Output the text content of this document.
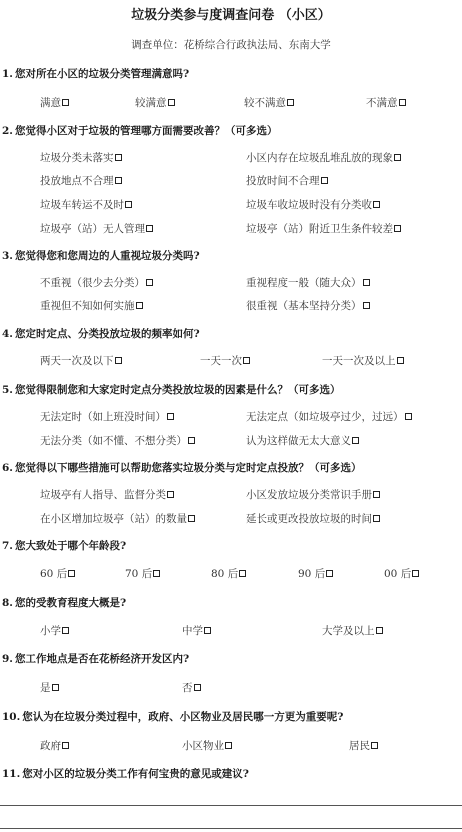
垃圾分类参与度调查问卷 （小区）
调查单位：花桥综合行政执法局、东南大学
1. 您对所在小区的垃圾分类管理满意吗?
满意	较满意	较不满意	不满意
2. 您觉得小区对于垃圾的管理哪方面需要改善？（可多选）
垃圾分类未落实	小区内存在垃圾乱堆乱放的现象
投放地点不合理	投放时间不合理
垃圾车转运不及时	垃圾车收垃圾时没有分类收
垃圾亭（站）无人管理	垃圾亭（站）附近卫生条件较差
3. 您觉得您和您周边的人重视垃圾分类吗?
不重视（很少去分类）	重视程度一般（随大众）
重视但不知如何实施	很重视（基本坚持分类）
4. 您定时定点、分类投放垃圾的频率如何?
两天一次及以下	一天一次	一天一次及以上
5. 您觉得限制您和大家定时定点分类投放垃圾的因素是什么？（可多选）
无法定时（如上班没时间）	无法定点（如垃圾亭过少，过远）
无法分类（如不懂、不想分类）	认为这样做无太大意义
6. 您觉得以下哪些措施可以帮助您落实垃圾分类与定时定点投放？（可多选）
垃圾亭有人指导、监督分类	小区发放垃圾分类常识手册
在小区增加垃圾亭（站）的数量	延长或更改投放垃圾的时间
7. 您大致处于哪个年龄段?
60 后	70 后	80 后	90 后	00 后
8. 您的受教育程度大概是?
小学	中学	大学及以上
9. 您工作地点是否在花桥经济开发区内?
是	否
10. 您认为在垃圾分类过程中，政府、小区物业及居民哪一方更为重要呢?
政府	小区物业	居民
11. 您对小区的垃圾分类工作有何宝贵的意见或建议?
